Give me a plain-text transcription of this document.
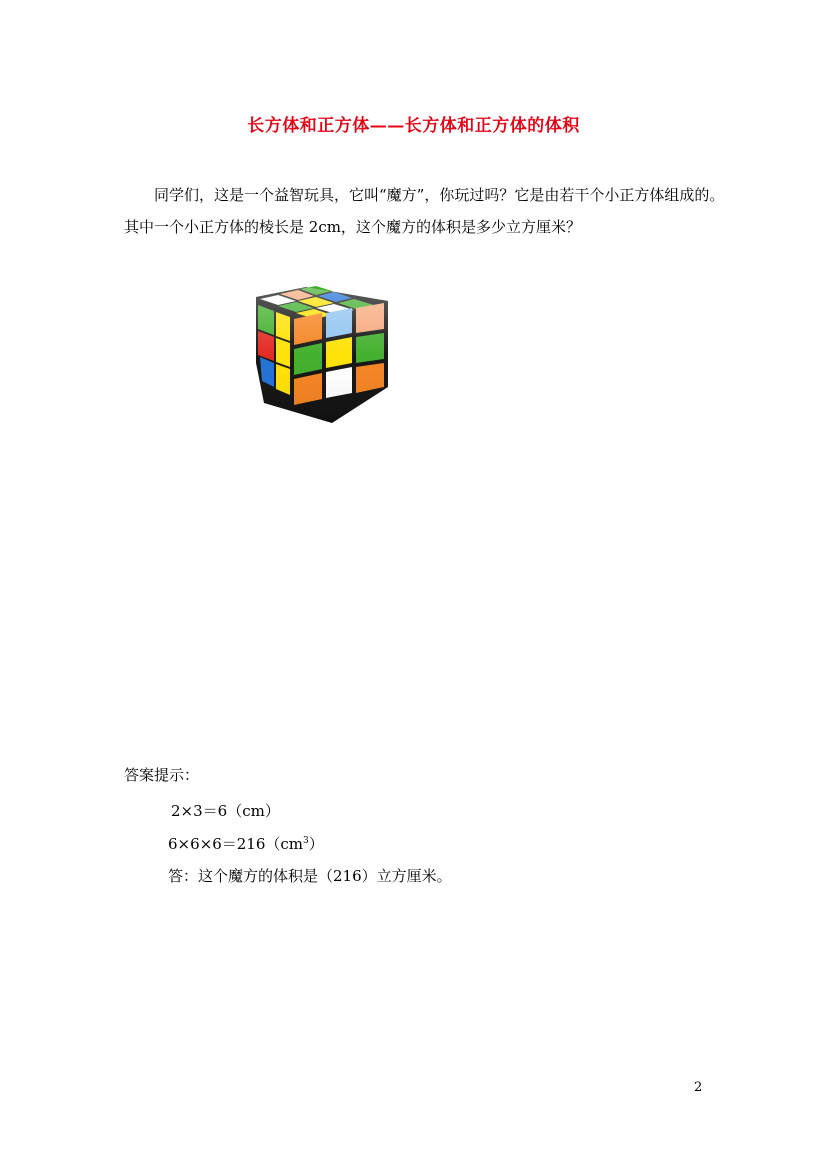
长方体和正方体——长方体和正方体的体积
同学们，这是一个益智玩具，它叫“魔方”，你玩过吗？它是由若干个小正方体组成的。
其中一个小正方体的棱长是 2cm，这个魔方的体积是多少立方厘米？
答案提示：
2×3＝6（cm）
$6\times 6\times 6=216(cm^3)$
答：这个魔方的体积是（216）立方厘米。
2
